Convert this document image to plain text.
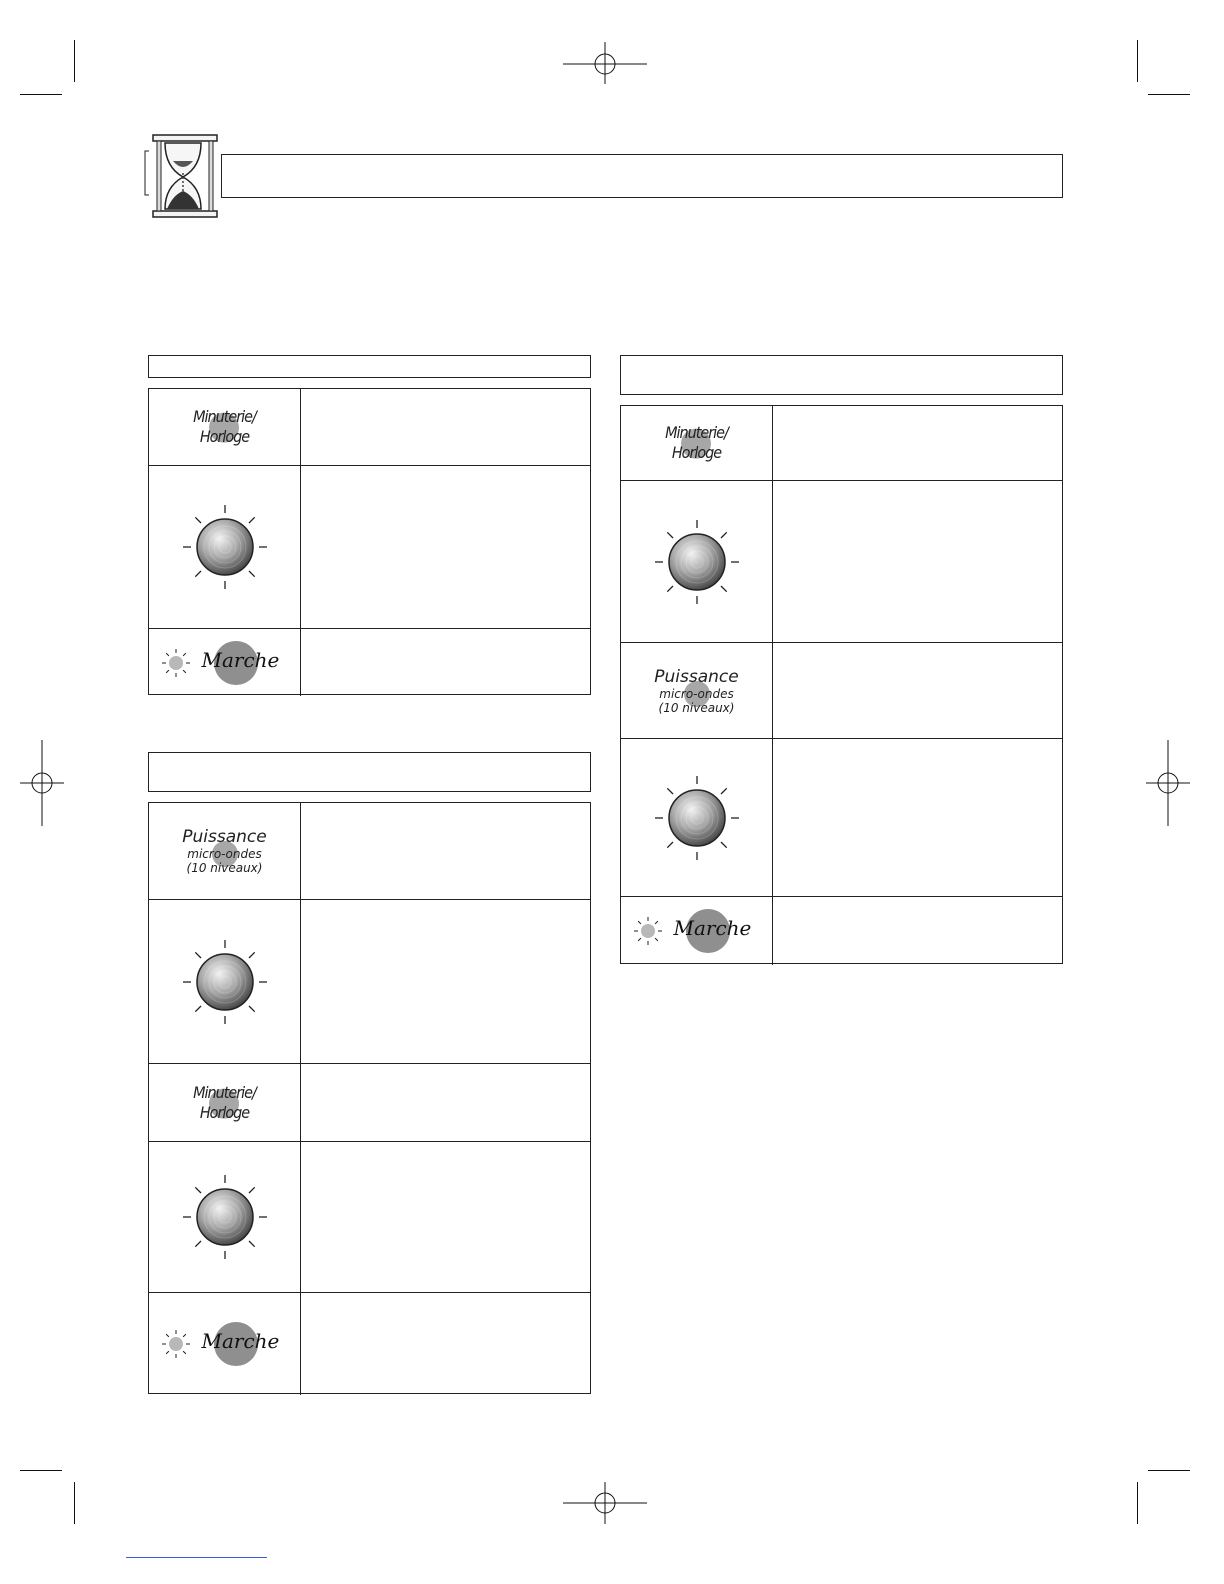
Minuterie/
Horloge
Marche
Puissance
micro-ondes
(10 niveaux)
Minuterie/
Horloge
Marche
Minuterie/
Horloge
Puissance
micro-ondes
(10 niveaux)
Marche
